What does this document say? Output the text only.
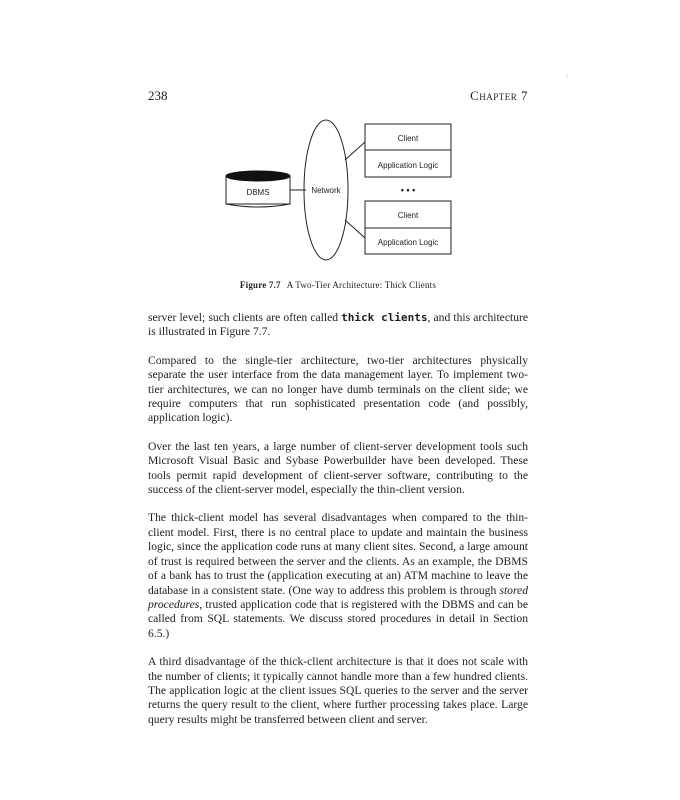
⁝
238	Chapter 7
DBMS	Network
Client
Application Logic
• • •
Client
Application Logic
Figure 7.7 A Two-Tier Architecture: Thick Clients

server level; such clients are often called thick clients, and this architecture is illustrated in Figure 7.7.

Compared to the single-tier architecture, two-tier architectures physically separate the user interface from the data management layer. To implement two-tier architectures, we can no longer have dumb terminals on the client side; we require computers that run sophisticated presentation code (and possibly, application logic).

Over the last ten years, a large number of client-server development tools such Microsoft Visual Basic and Sybase Powerbuilder have been developed. These tools permit rapid development of client-server software, contributing to the success of the client-server model, especially the thin-client version.

The thick-client model has several disadvantages when compared to the thin-client model. First, there is no central place to update and maintain the business logic, since the application code runs at many client sites. Second, a large amount of trust is required between the server and the clients. As an example, the DBMS of a bank has to trust the (application executing at an) ATM machine to leave the database in a consistent state. (One way to address this problem is through stored procedures, trusted application code that is registered with the DBMS and can be called from SQL statements. We discuss stored procedures in detail in Section 6.5.)

A third disadvantage of the thick-client architecture is that it does not scale with the number of clients; it typically cannot handle more than a few hundred clients. The application logic at the client issues SQL queries to the server and the server returns the query result to the client, where further processing takes place. Large query results might be transferred between client and server.
